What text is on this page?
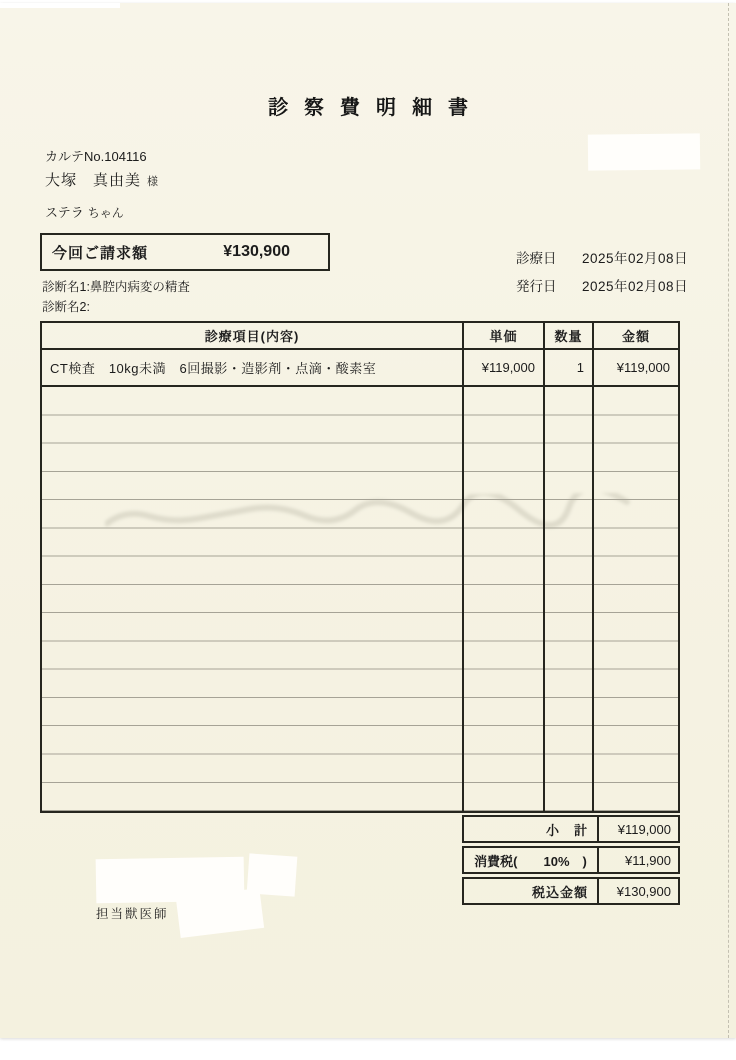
診察費明細書
カルテNo.104116
大塚　真由美 様
ステラ ちゃん
今回ご請求額	¥130,900
診断名1:鼻腔内病変の精査
診断名2:
診療日	2025年02月08日
発行日	2025年02月08日
診療項目(内容)	単価	数量	金額
CT検査　10kg未満　6回撮影・造影剤・点滴・酸素室	¥119,000	1	¥119,000
小　計	¥119,000
消費税(　　10%　)	¥11,900
税込金額	¥130,900
担当獣医師
